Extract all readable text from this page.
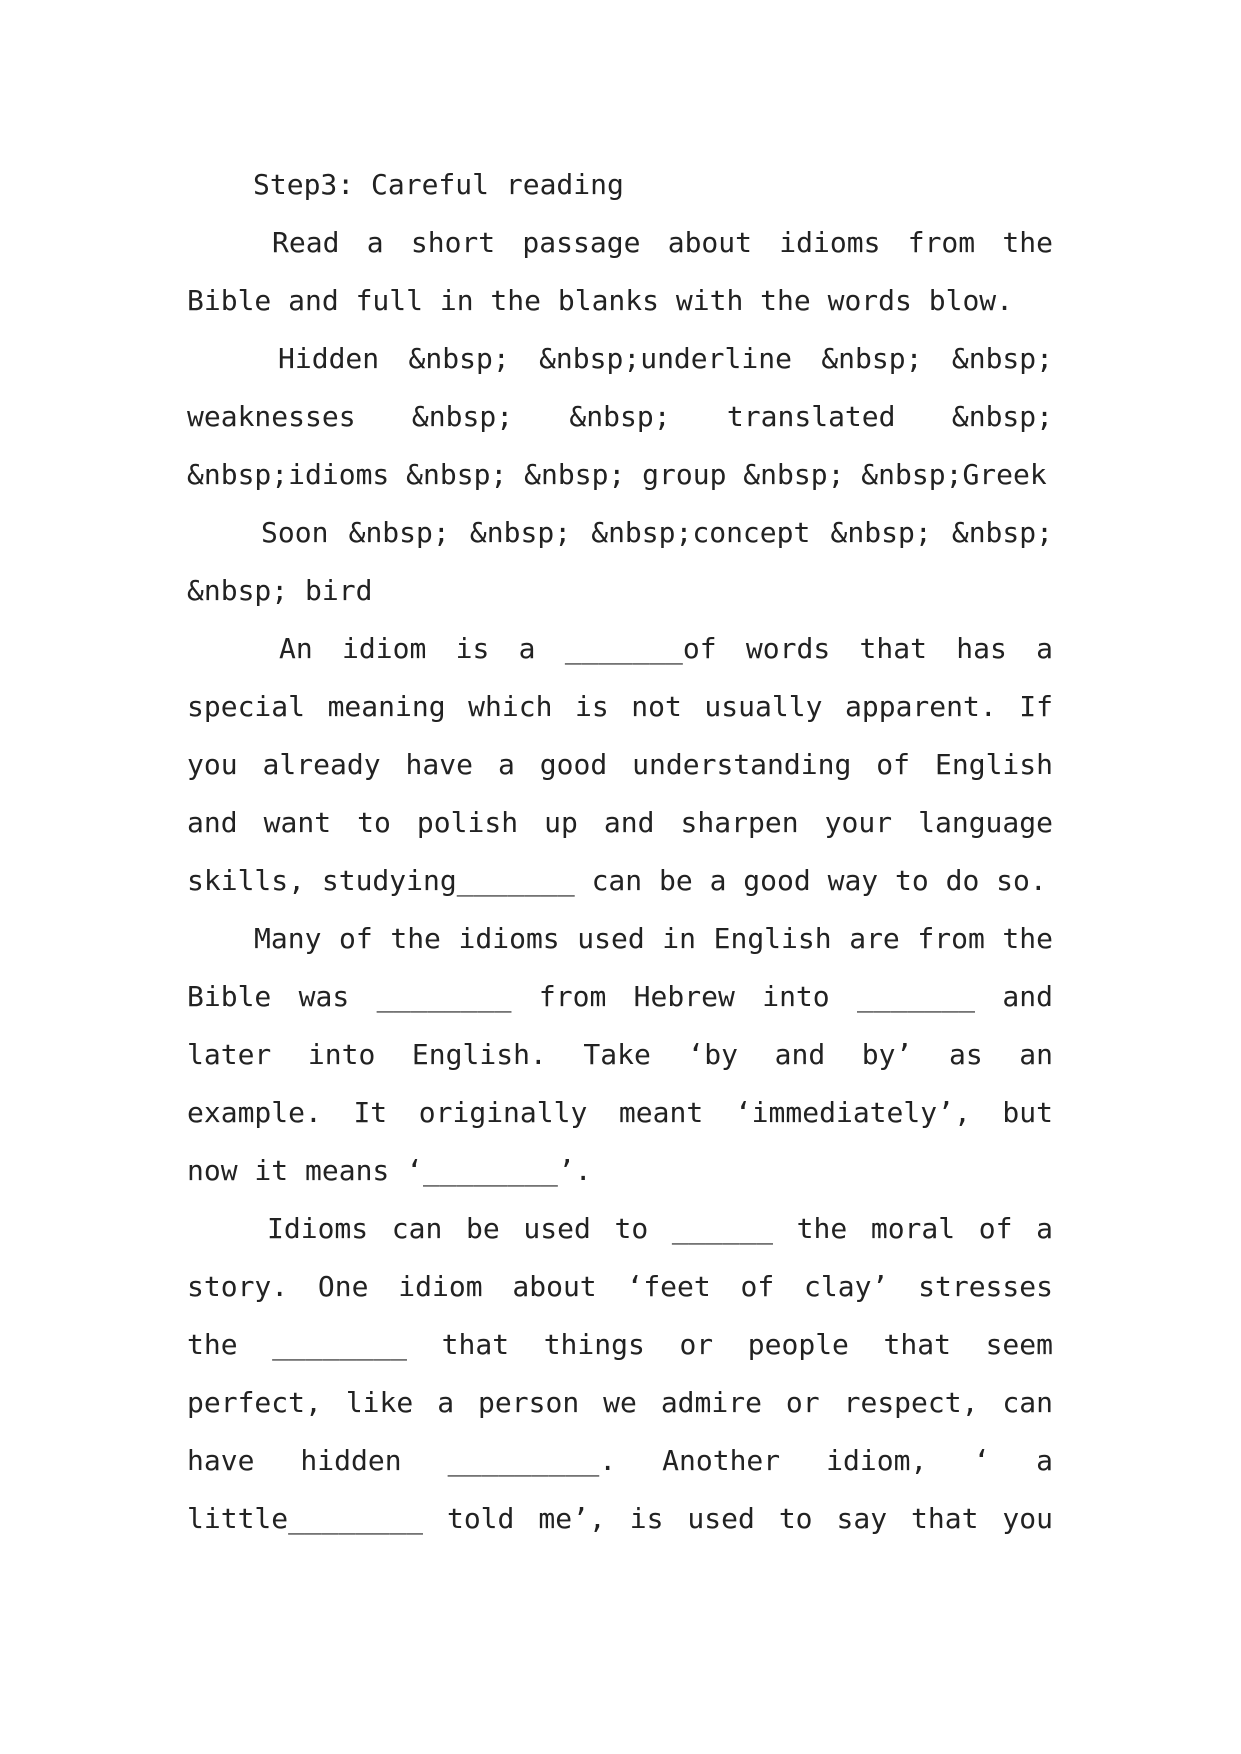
Step3: Careful reading
Read a short passage about idioms from the
Bible and full in the blanks with the words blow.
Hidden &nbsp; &nbsp;underline &nbsp; &nbsp;
weaknesses &nbsp; &nbsp; translated &nbsp;
&nbsp;idioms &nbsp; &nbsp; group &nbsp; &nbsp;Greek
Soon &nbsp; &nbsp; &nbsp;concept &nbsp; &nbsp;
&nbsp; bird
An idiom is a _______of words that has a
special meaning which is not usually apparent. If
you already have a good understanding of English
and want to polish up and sharpen your language
skills, studying_______ can be a good way to do so.
Many of the idioms used in English are from the
Bible was ________ from Hebrew into _______ and
later into English. Take ‘by and by’ as an
example. It originally meant ‘immediately’, but
now it means ‘________’.
Idioms can be used to ______ the moral of a
story. One idiom about ‘feet of clay’ stresses
the ________ that things or people that seem
perfect, like a person we admire or respect, can
have hidden _________. Another idiom, ‘ a
little________ told me’, is used to say that you
